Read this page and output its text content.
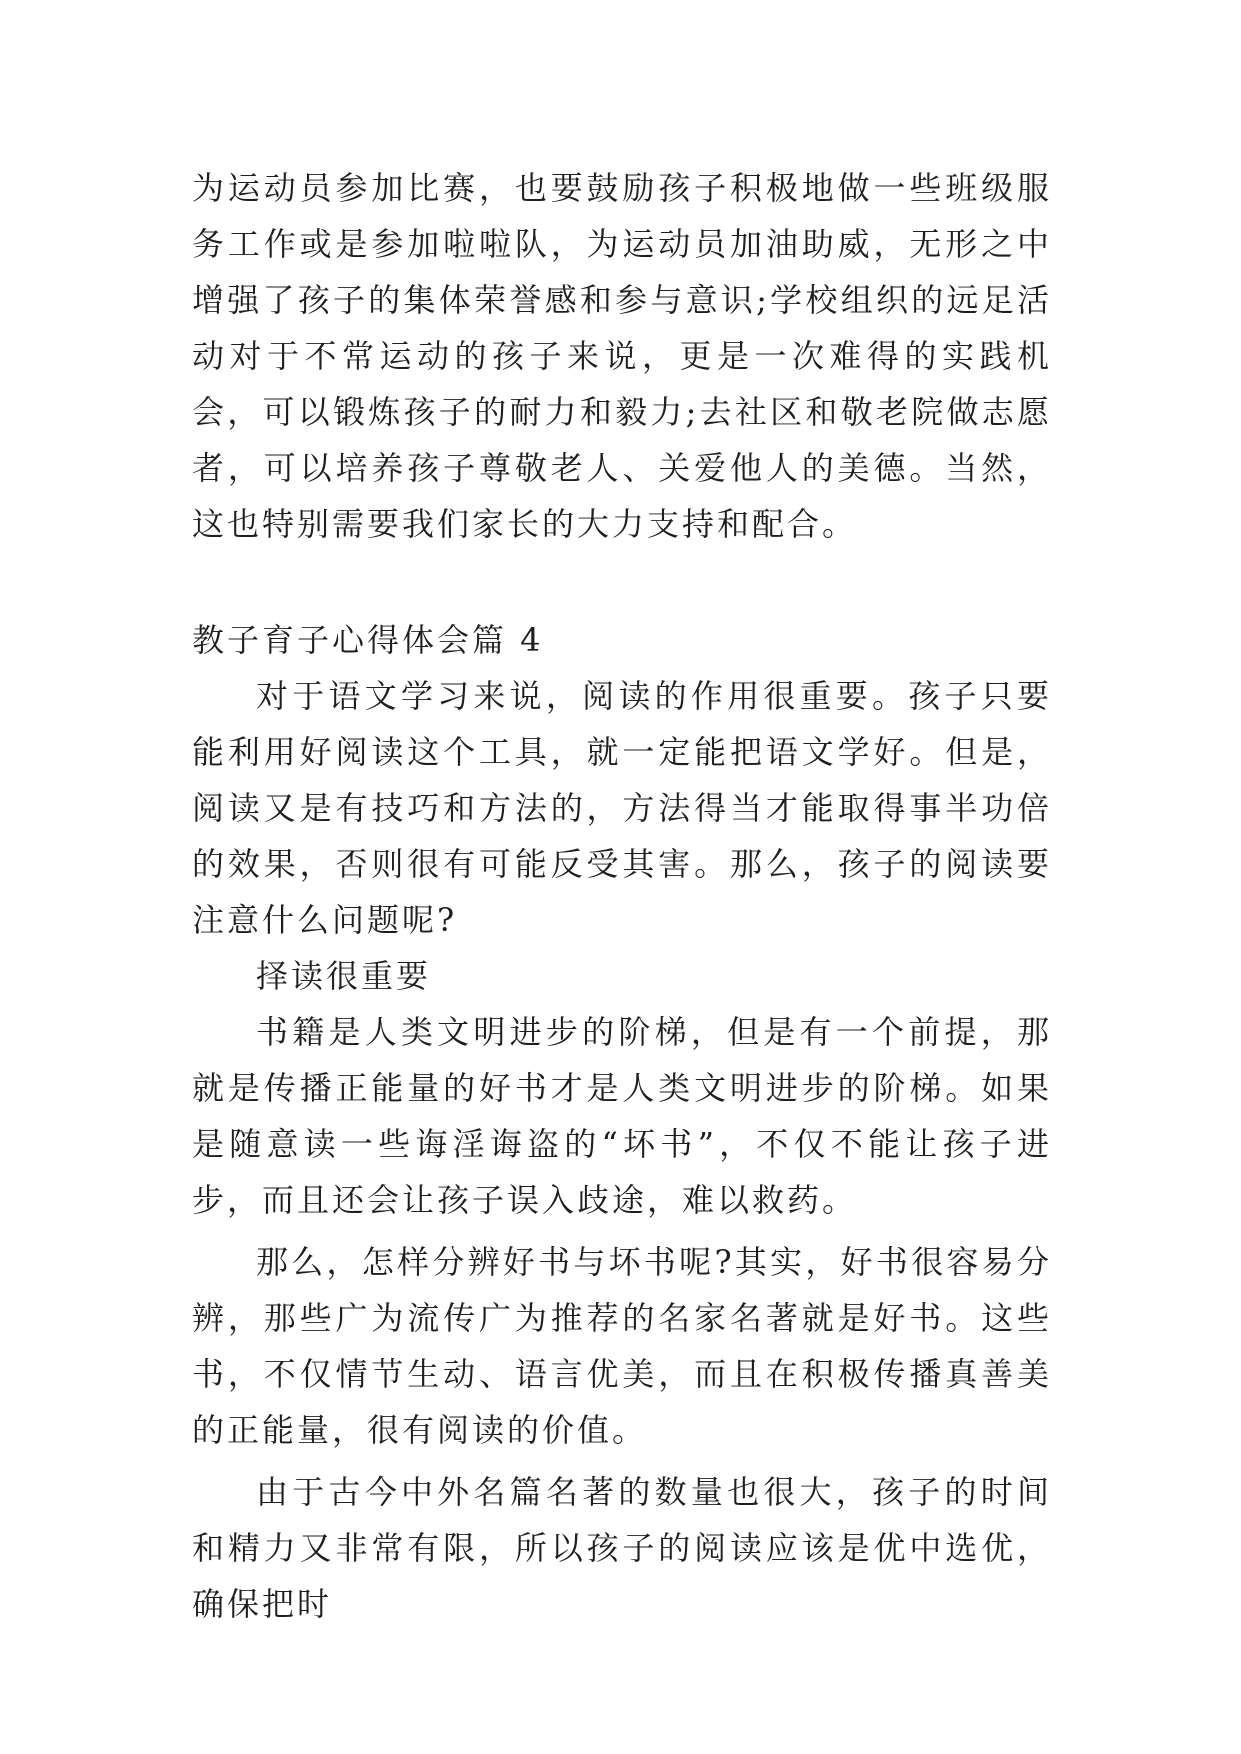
为运动员参加比赛，也要鼓励孩子积极地做一些班级服务工作或是参加啦啦队，为运动员加油助威，无形之中增强了孩子的集体荣誉感和参与意识;学校组织的远足活动对于不常运动的孩子来说，更是一次难得的实践机会，可以锻炼孩子的耐力和毅力;去社区和敬老院做志愿者，可以培养孩子尊敬老人、关爱他人的美德。当然，这也特别需要我们家长的大力支持和配合。

教子育子心得体会篇 4

对于语文学习来说，阅读的作用很重要。孩子只要能利用好阅读这个工具，就一定能把语文学好。但是，阅读又是有技巧和方法的，方法得当才能取得事半功倍的效果，否则很有可能反受其害。那么，孩子的阅读要注意什么问题呢?

择读很重要

书籍是人类文明进步的阶梯，但是有一个前提，那就是传播正能量的好书才是人类文明进步的阶梯。如果是随意读一些诲淫诲盗的“坏书”，不仅不能让孩子进步，而且还会让孩子误入歧途，难以救药。

那么，怎样分辨好书与坏书呢?其实，好书很容易分辨，那些广为流传广为推荐的名家名著就是好书。这些书，不仅情节生动、语言优美，而且在积极传播真善美的正能量，很有阅读的价值。

由于古今中外名篇名著的数量也很大，孩子的时间和精力又非常有限，所以孩子的阅读应该是优中选优，确保把时
